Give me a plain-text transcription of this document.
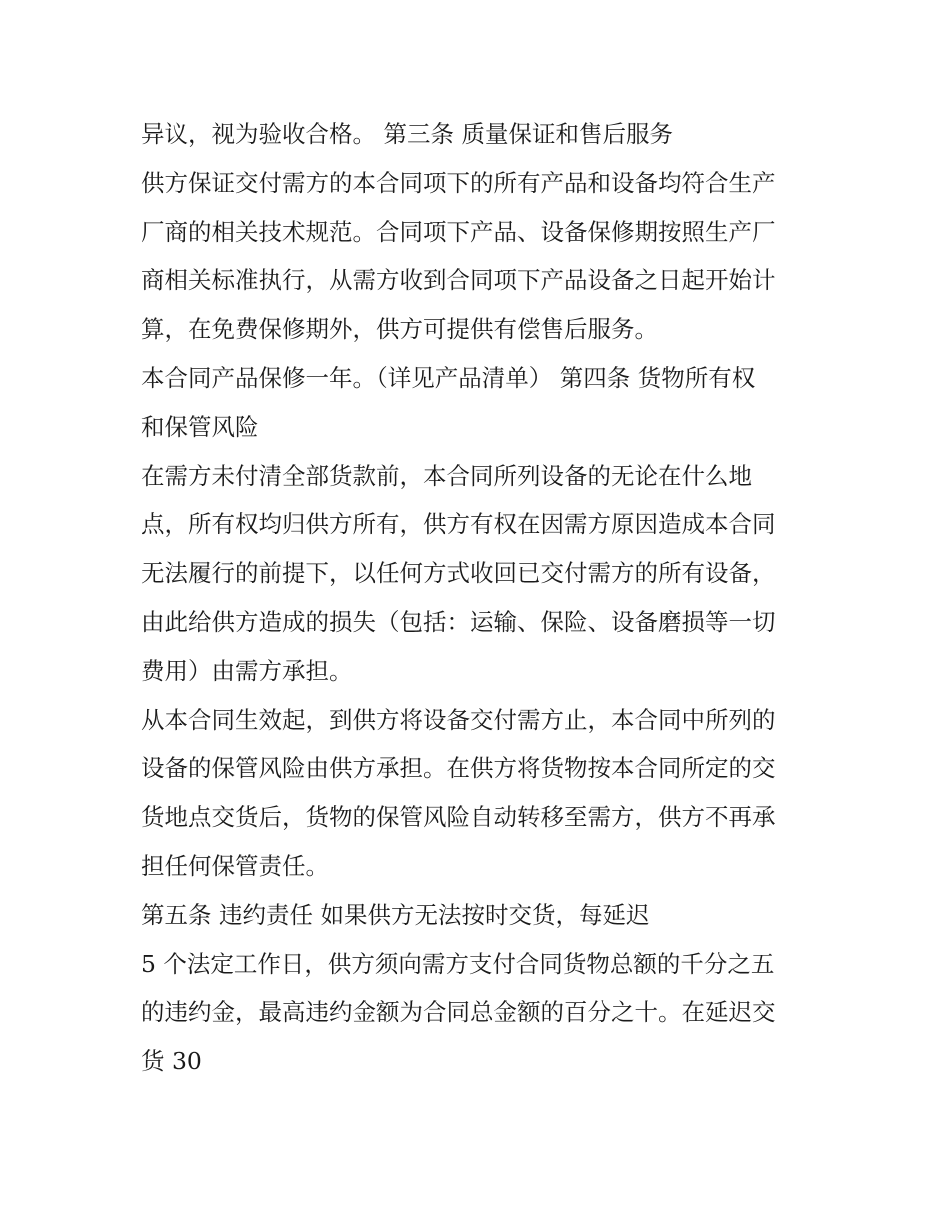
异议，视为验收合格。 第三条 质量保证和售后服务
供方保证交付需方的本合同项下的所有产品和设备均符合生产
厂商的相关技术规范。合同项下产品、设备保修期按照生产厂
商相关标准执行，从需方收到合同项下产品设备之日起开始计
算，在免费保修期外，供方可提供有偿售后服务。
本合同产品保修一年。（详见产品清单） 第四条 货物所有权
和保管风险
在需方未付清全部货款前，本合同所列设备的无论在什么地
点，所有权均归供方所有，供方有权在因需方原因造成本合同
无法履行的前提下，以任何方式收回已交付需方的所有设备，
由此给供方造成的损失（包括：运输、保险、设备磨损等一切
费用）由需方承担。
从本合同生效起，到供方将设备交付需方止，本合同中所列的
设备的保管风险由供方承担。在供方将货物按本合同所定的交
货地点交货后，货物的保管风险自动转移至需方，供方不再承
担任何保管责任。
第五条 违约责任 如果供方无法按时交货，每延迟
5 个法定工作日，供方须向需方支付合同货物总额的千分之五
的违约金，最高违约金额为合同总金额的百分之十。在延迟交
货 30
